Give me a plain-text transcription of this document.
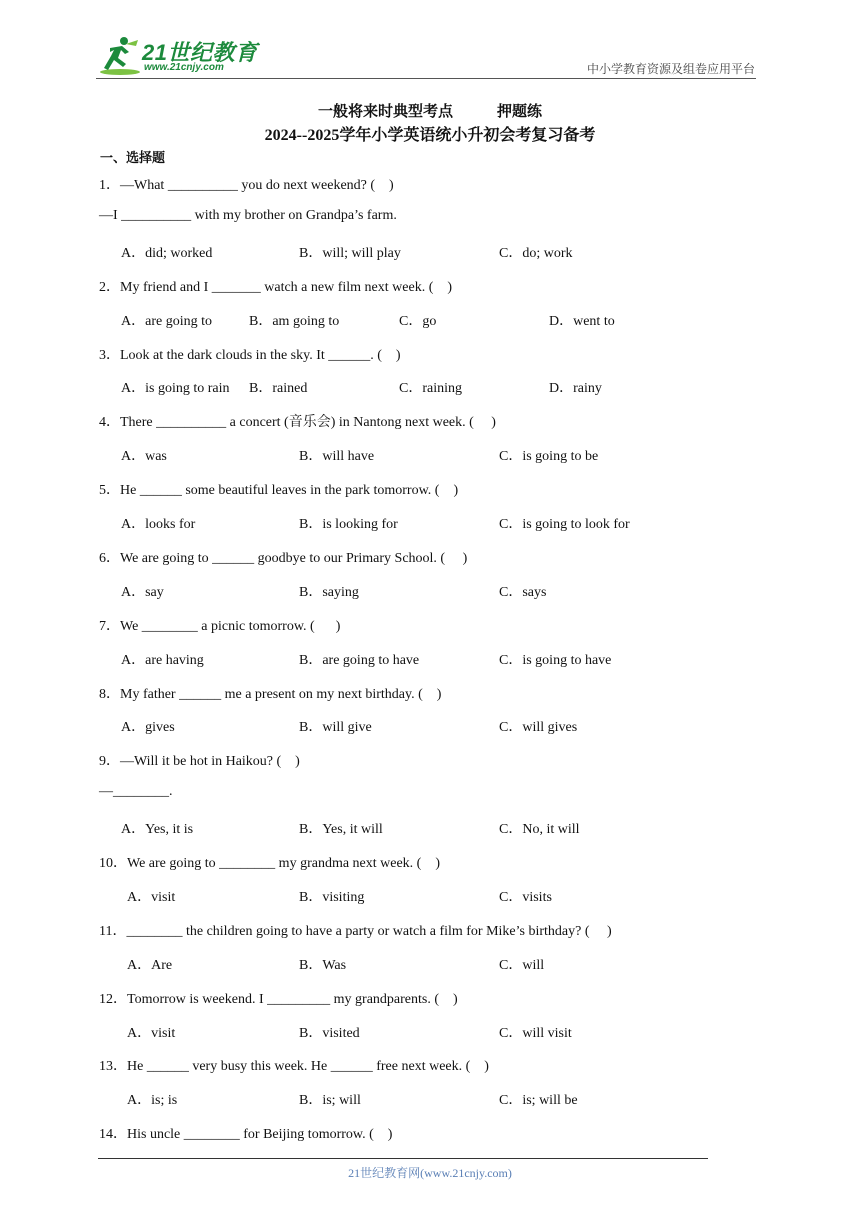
21世纪教育
www.21cnjy.com	中小学教育资源及组卷应用平台
一般将来时典型考点	押题练
2024--2025学年小学英语统小升初会考复习备考
一、选择题
1．—What __________ you do next weekend? (    )
—I __________ with my brother on Grandpa’s farm.
A．did; worked	B．will; will play	C．do; work
2．My friend and I _______ watch a new film next week. (    )
A．are going to	B．am going to	C．go	D．went to
3．Look at the dark clouds in the sky. It ______. (    )
A．is going to rain B．rained	C．raining	D．rainy
4．There __________ a concert (音乐会) in Nantong next week. (     )
A．was	B．will have	C．is going to be
5．He ______ some beautiful leaves in the park tomorrow. (    )
A．looks for	B．is looking for	C．is going to look for
6．We are going to ______ goodbye to our Primary School. (     )
A．say	B．saying	C．says
7．We ________ a picnic tomorrow. (      )
A．are having	B．are going to have	C．is going to have
8．My father ______ me a present on my next birthday. (    )
A．gives	B．will give	C．will gives
9．—Will it be hot in Haikou? (    )
—________.
A．Yes, it is	B．Yes, it will	C．No, it will
10．We are going to ________ my grandma next week. (    )
A．visit	B．visiting	C．visits
11．________ the children going to have a party or watch a film for Mike’s birthday? (     )
A．Are	B．Was	C．will
12．Tomorrow is weekend. I _________ my grandparents. (    )
A．visit	B．visited	C．will visit
13．He ______ very busy this week. He ______ free next week. (    )
A．is; is	B．is; will	C．is; will be
14．His uncle ________ for Beijing tomorrow. (    )
21世纪教育网(www.21cnjy.com)
